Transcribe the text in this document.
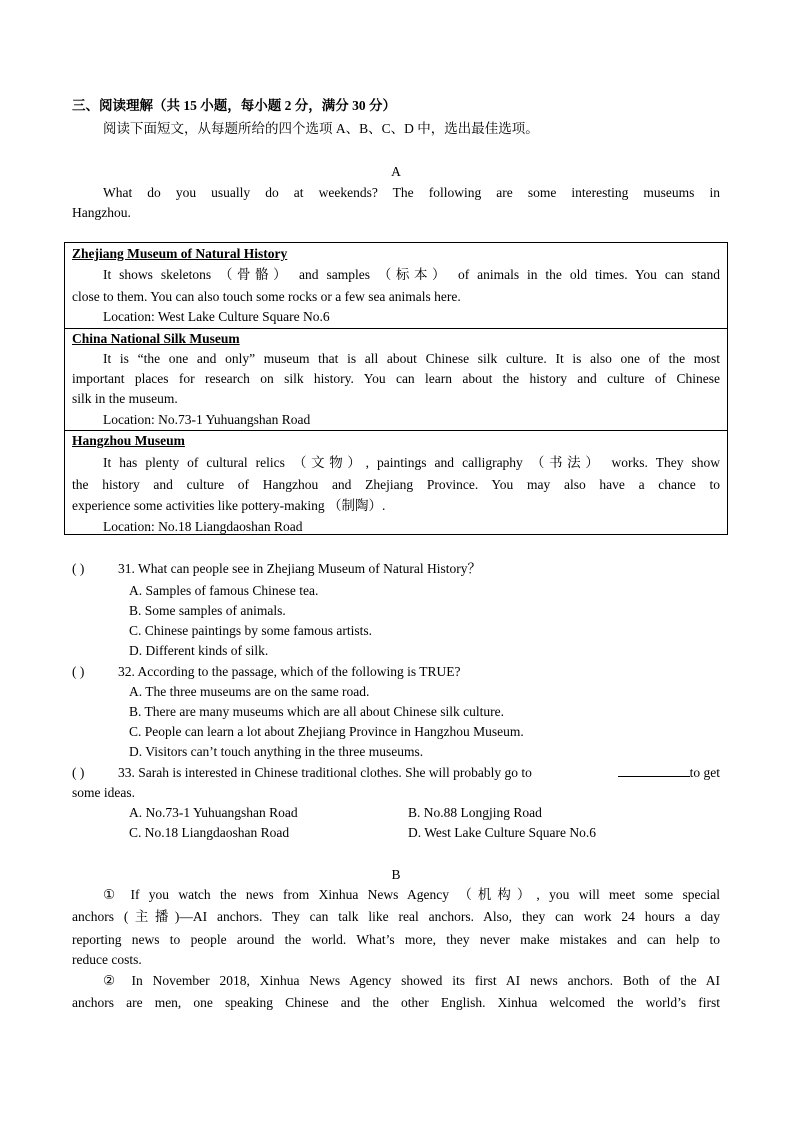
三、阅读理解（共 15 小题，每小题 2 分，满分 30 分）
阅读下面短文，从每题所给的四个选项 A、B、C、D 中，选出最佳选项。
A
What do you usually do at weekends? The following are some interesting museums in
Hangzhou.
Zhejiang Museum of Natural History
It shows skeletons （骨骼） and samples （标本） of animals in the old times. You can stand
close to them. You can also touch some rocks or a few sea animals here.
Location: West Lake Culture Square No.6
China National Silk Museum
It is “the one and only” museum that is all about Chinese silk culture. It is also one of the most
important places for research on silk history. You can learn about the history and culture of Chinese
silk in the museum.
Location: No.73-1 Yuhuangshan Road
Hangzhou Museum
It has plenty of cultural relics （文物）, paintings and calligraphy （书法） works. They show
the history and culture of Hangzhou and Zhejiang Province. You may also have a chance to
experience some activities like pottery-making （制陶）.
Location: No.18 Liangdaoshan Road
( ) 31. What can people see in Zhejiang Museum of Natural History？
A. Samples of famous Chinese tea.
B. Some samples of animals.
C. Chinese paintings by some famous artists.
D. Different kinds of silk.
( ) 32. According to the passage, which of the following is TRUE?
A. The three museums are on the same road.
B. There are many museums which are all about Chinese silk culture.
C. People can learn a lot about Zhejiang Province in Hangzhou Museum.
D. Visitors can’t touch anything in the three museums.
( ) 33. Sarah is interested in Chinese traditional clothes. She will probably go to	to get
some ideas.
A. No.73-1 Yuhuangshan Road	B. No.88 Longjing Road
C. No.18 Liangdaoshan Road	D. West Lake Culture Square No.6
B
① If you watch the news from Xinhua News Agency （机构）, you will meet some special
anchors (主播)—AI anchors. They can talk like real anchors. Also, they can work 24 hours a day
reporting news to people around the world. What’s more, they never make mistakes and can help to
reduce costs.
② In November 2018, Xinhua News Agency showed its first AI news anchors. Both of the AI
anchors are men, one speaking Chinese and the other English. Xinhua welcomed the world’s first
